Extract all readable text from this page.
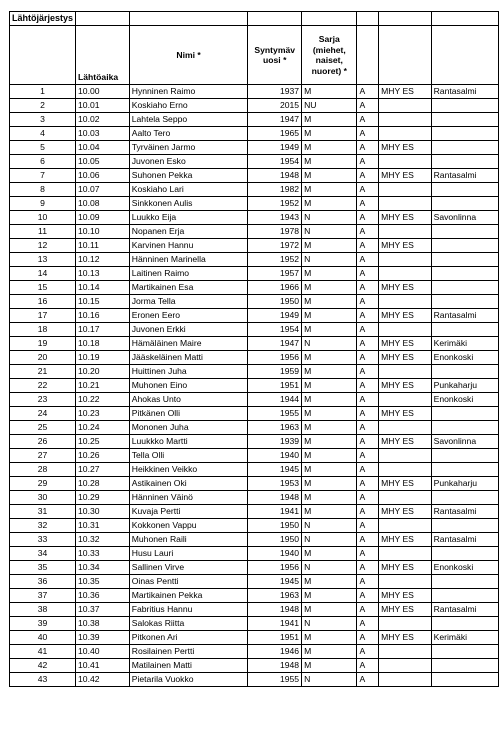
Lähtöjärjestys							
	Lähtöaika	Nimi *	Syntymäv uosi *	Sarja (miehet, naiset, nuoret) *			
1	10.00	Hynninen Raimo	1937	M	A	MHY ES	Rantasalmi
2	10.01	Koskiaho Erno	2015	NU	A		
3	10.02	Lahtela Seppo	1947	M	A		
4	10.03	Aalto Tero	1965	M	A		
5	10.04	Tyrväinen Jarmo	1949	M	A	MHY ES	
6	10.05	Juvonen Esko	1954	M	A		
7	10.06	Suhonen Pekka	1948	M	A	MHY ES	Rantasalmi
8	10.07	Koskiaho Lari	1982	M	A		
9	10.08	Sinkkonen Aulis	1952	M	A		
10	10.09	Luukko Eija	1943	N	A	MHY ES	Savonlinna
11	10.10	Nopanen Erja	1978	N	A		
12	10.11	Karvinen Hannu	1972	M	A	MHY ES	
13	10.12	Hänninen Marinella	1952	N	A		
14	10.13	Laitinen Raimo	1957	M	A		
15	10.14	Martikainen Esa	1966	M	A	MHY ES	
16	10.15	Jorma Tella	1950	M	A		
17	10.16	Eronen Eero	1949	M	A	MHY ES	Rantasalmi
18	10.17	Juvonen Erkki	1954	M	A		
19	10.18	Hämäläinen Maire	1947	N	A	MHY ES	Kerimäki
20	10.19	Jääskeläinen Matti	1956	M	A	MHY ES	Enonkoski
21	10.20	Huittinen Juha	1959	M	A		
22	10.21	Muhonen Eino	1951	M	A	MHY ES	Punkaharju
23	10.22	Ahokas Unto	1944	M	A		Enonkoski
24	10.23	Pitkänen Olli	1955	M	A	MHY ES	
25	10.24	Mononen Juha	1963	M	A		
26	10.25	Luukkko Martti	1939	M	A	MHY ES	Savonlinna
27	10.26	Tella Olli	1940	M	A		
28	10.27	Heikkinen Veikko	1945	M	A		
29	10.28	Astikainen Oki	1953	M	A	MHY ES	Punkaharju
30	10.29	Hänninen Väinö	1948	M	A		
31	10.30	Kuvaja Pertti	1941	M	A	MHY ES	Rantasalmi
32	10.31	Kokkonen Vappu	1950	N	A		
33	10.32	Muhonen Raili	1950	N	A	MHY ES	Rantasalmi
34	10.33	Husu Lauri	1940	M	A		
35	10.34	Sallinen Virve	1956	N	A	MHY ES	Enonkoski
36	10.35	Oinas Pentti	1945	M	A		
37	10.36	Martikainen Pekka	1963	M	A	MHY ES	
38	10.37	Fabritius Hannu	1948	M	A	MHY ES	Rantasalmi
39	10.38	Salokas Riitta	1941	N	A		
40	10.39	Pitkonen Ari	1951	M	A	MHY ES	Kerimäki
41	10.40	Rosilainen Pertti	1946	M	A		
42	10.41	Matilainen Matti	1948	M	A		
43	10.42	Pietarila Vuokko	1955	N	A		
